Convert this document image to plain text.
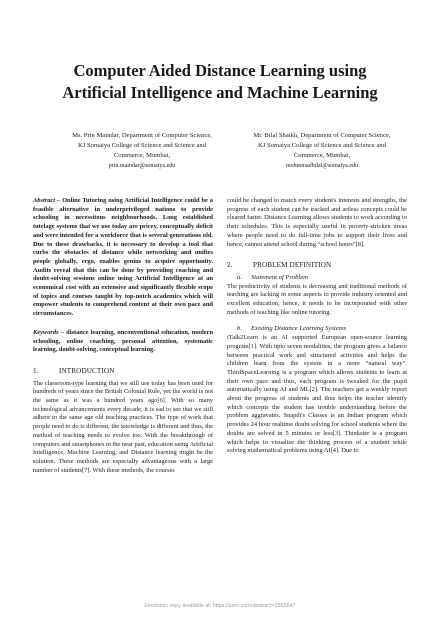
Computer Aided Distance Learning using
Artificial Intelligence and Machine Learning
Ms. Prin Maindar, Department of Computer Science,
KJ Somaiya College of Science and Science and
Commerce, Mumbai,
prin.maindar@somaiya.edu
Mr. Bilal Shaikh, Department of Computer Science,
KJ Somaiya College of Science and Science and
Commerce, Mumbai,
mohmmadbilal@somaiya.edu

Abstract – Online Tutoring using Artificial Intelligence could be a feasible alternative in underprivileged nations to provide schooling in necessitous neighbourhoods. Long established tutelage systems that we use today are pricey, conceptually deficit and were intended for a workforce that is several generations old. Due to these drawbacks, it is necessary to develop a tool that curbs the obstacles of distance while networking and unifies people globally, ergo, enables genius to acquire opportunity. Audits reveal that this can be done by providing coaching and doubt-solving sessions online using Artificial Intelligence at an economical cost with an extensive and significantly flexible scope of topics and courses taught by top-notch academics which will empower students to comprehend content at their own pace and circumstances.

Keywords – distance learning, unconventional education, modern schooling, online coaching, personal attention, systematic learning, doubt-solving, conceptual learning.

1.	INTRODUCTION

The classroom-type learning that we still use today has been used for hundreds of years since the British Colonial Rule, yet the world is not the same as it was a hundred years ago[6]. With so many technological advancements every decade, it is sad to see that we still adhere to the same age old teaching practices. The type of work that people need to do is different, the knowledge is different and thus, the method of teaching needs to evolve too. With the breakthrough of computers and smartphones in the near past, education using Artificial Intelligence, Machine Learning, and Distance learning might be the solution. These methods are especially advantageous with a large number of students[7]. With these methods, the courses

could be changed to match every student's interests and strengths, the progress of each student can be tracked and artless concepts could be cleared faster. Distance Learning allows students to work according to their schedules. This is especially useful in poverty-stricken areas where people need to do full-time jobs to support their lives and hence, cannot attend school during “school hours”[8].

2.	PROBLEM DEFINITION
a. Statement of Problem

The productivity of students is decreasing and traditional methods of teaching are lacking in some aspects to provide industry oriented and excellent education, hence, it needs to be incorporated with other methods of teaching like online tutoring.

b. Existing Distance Learning Systems

iTalk2Learn is an AI supported European open-source learning program[1]. With upto seven modalities, the program gives a balance between practical work and structured activities and helps the children learn from the system in a more “natural way”. ThirdSpaceLearning is a program which allows students to learn at their own pace and thus, each program is tweaked for the pupil automatically using AI and ML[2]. The teachers get a weekly report about the progress of students and thus helps the teacher identify which concepts the student has trouble understanding before the problem aggravates. Snapdi's Classes is an Indian program which provides 24 hour realtime doubt solving for school students where the doubts are solved in 5 minutes or less[3]. Thinkster is a program which helps to visualize the thinking process of a student while solving mathematical problems using AI[4]. Due to

Electronic copy available at: https://ssrn.com/abstract=3565647
